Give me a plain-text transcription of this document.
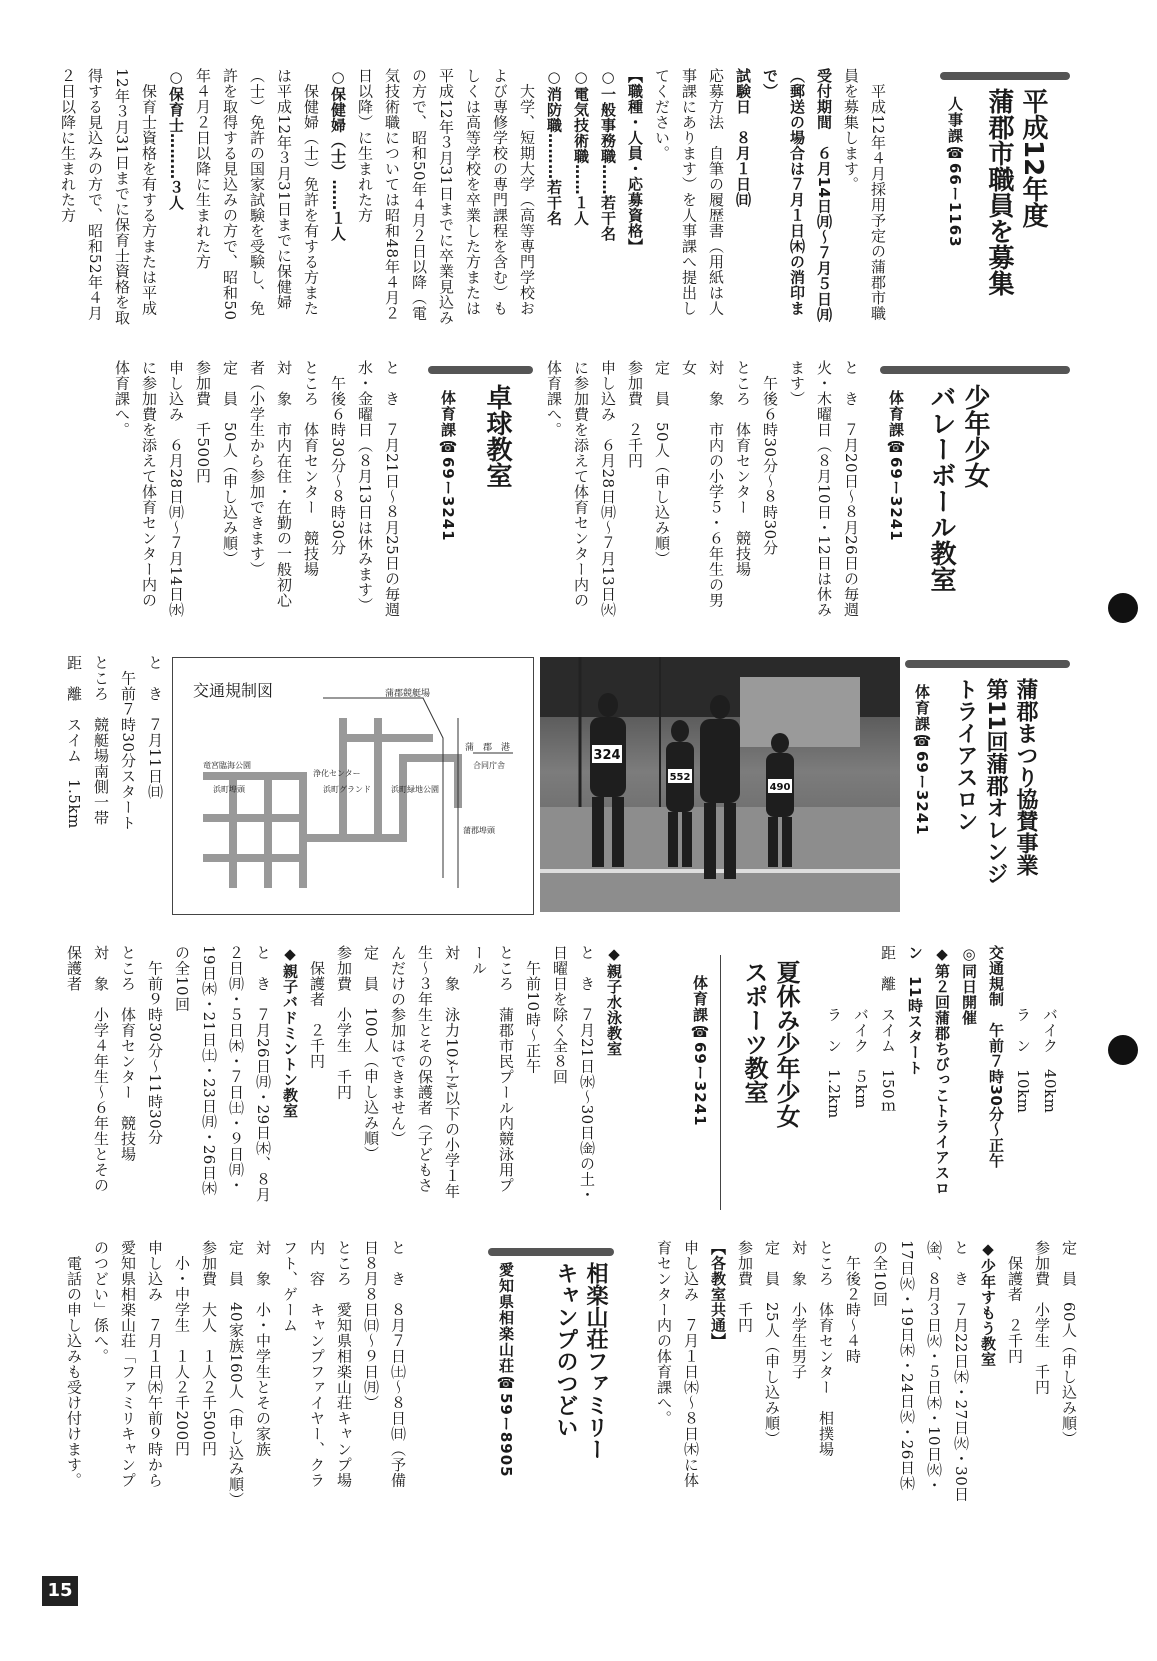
平成12年度
蒲郡市職員を募集
人事課☎66ー1163
　平成12年４月採用予定の蒲郡市職員を募集します。
受付期間　６月14日㈪〜７月５日㈪（郵送の場合は７月１日㈭の消印まで）
試験日　８月１日㈰
応募方法　自筆の履歴書（用紙は人事課にあります）を人事課へ提出してください。
【職種・人員・応募資格】
○一般事務職……若干名
○電気技術職……１人
○消防職………若干名
　大学、短期大学（高等専門学校および専修学校の専門課程を含む）もしくは高等学校を卒業した方または平成12年３月31日までに卒業見込みの方で、昭和50年４月２日以降（電気技術職については昭和48年４月２日以降）に生まれた方
○保健婦（士）……１人
　保健婦（士）免許を有する方または平成12年３月31日までに保健婦（士）免許の国家試験を受験し、免許を取得する見込みの方で、昭和50年４月２日以降に生まれた方
○保育士………３人
　保育士資格を有する方または平成12年３月31日までに保育士資格を取得する見込みの方で、昭和52年４月２日以降に生まれた方
少年少女
バレーボール教室
体育課☎69ー3241
と　き　７月20日〜８月26日の毎週火・木曜日（８月10日・12日は休みます）
　午後６時30分〜８時30分
ところ　体育センター　競技場
対　象　市内の小学５・６年生の男女
定　員　50人（申し込み順）
参加費　２千円
申し込み　６月28日㈪〜７月13日㈫に参加費を添えて体育センター内の体育課へ。
卓球教室
体育課☎69ー3241
と　き　７月21日〜８月25日の毎週水・金曜日（８月13日は休みます）
　午後６時30分〜８時30分
ところ　体育センター　競技場
対　象　市内在住・在勤の一般初心者（小学生から参加できます）
定　員　50人（申し込み順）
参加費　千500円
申し込み　６月28日㈪〜７月14日㈬に参加費を添えて体育センター内の体育課へ。
蒲郡まつり協賛事業
第11回蒲郡オレンジ
トライアスロン
体育課☎69ー3241
324
552
490
交通規制図	蒲郡競艇場
蒲　郡　港
合同庁舎
竜宮臨海公園
浜町埠頭
浄化センター
浜町グランド	浜町緑地公園
蒲郡埠頭
と　き　７月11日㈰
　午前７時30分スタート
ところ　競艇場南側一帯
距　離　スイム　1.5km
　　　　バイク　40km
　　　　ラ　ン　10km
交通規制　午前７時30分〜正午
◎同日開催
◆第２回蒲郡ちびっこトライアスロン　11時スタート
距　離　スイム　150ｍ
　　　　バイク　５km
　　　　ラ　ン　1.2km
夏休み少年少女
スポーツ教室
体育課☎69ー3241
◆親子水泳教室
と　き　７月21日㈬〜30日㈮の土・日曜日を除く全８回
　午前10時〜正午
ところ　蒲郡市民プール内競泳用プール
対　象　泳力10ﾒｰﾄﾙ以下の小学１年生〜３年生とその保護者（子どもさんだけの参加はできません）
定　員　100人（申し込み順）
参加費　小学生　千円
　保護者　２千円
◆親子バドミントン教室
と　き　７月26日㈪・29日㈭、８月２日㈪・５日㈭・７日㈯・９日㈪・19日㈭・21日㈯・23日㈪・26日㈭の全10回
　午前９時30分〜11時30分
ところ　体育センター　競技場
対　象　小学４年生〜６年生とその保護者
定　員　60人（申し込み順）
参加費　小学生　千円
　保護者　２千円
◆少年すもう教室
と　き　７月22日㈭・27日㈫・30日㈮、８月３日㈫・５日㈭・10日㈫・17日㈫・19日㈭・24日㈫・26日㈭の全10回
　午後２時〜４時
ところ　体育センター　相撲場
対　象　小学生男子
定　員　25人（申し込み順）
参加費　千円
【各教室共通】
申し込み　７月１日㈭〜８日㈭に体育センター内の体育課へ。
相楽山荘ファミリー
キャンプのつどい
愛知県相楽山荘☎59ー8905
と　き　８月７日㈯〜８日㈰（予備日８月８日㈰〜９日㈪）
ところ　愛知県相楽山荘キャンプ場
内　容　キャンプファイヤー、クラフト、ゲーム
対　象　小・中学生とその家族
定　員　40家族160人（申し込み順）
参加費　大人　１人２千500円
　小・中学生　１人２千200円
申し込み　７月１日㈭午前９時から愛知県相楽山荘「ファミリキャンプのつどい」係へ。
　電話の申し込みも受け付けます。
15
